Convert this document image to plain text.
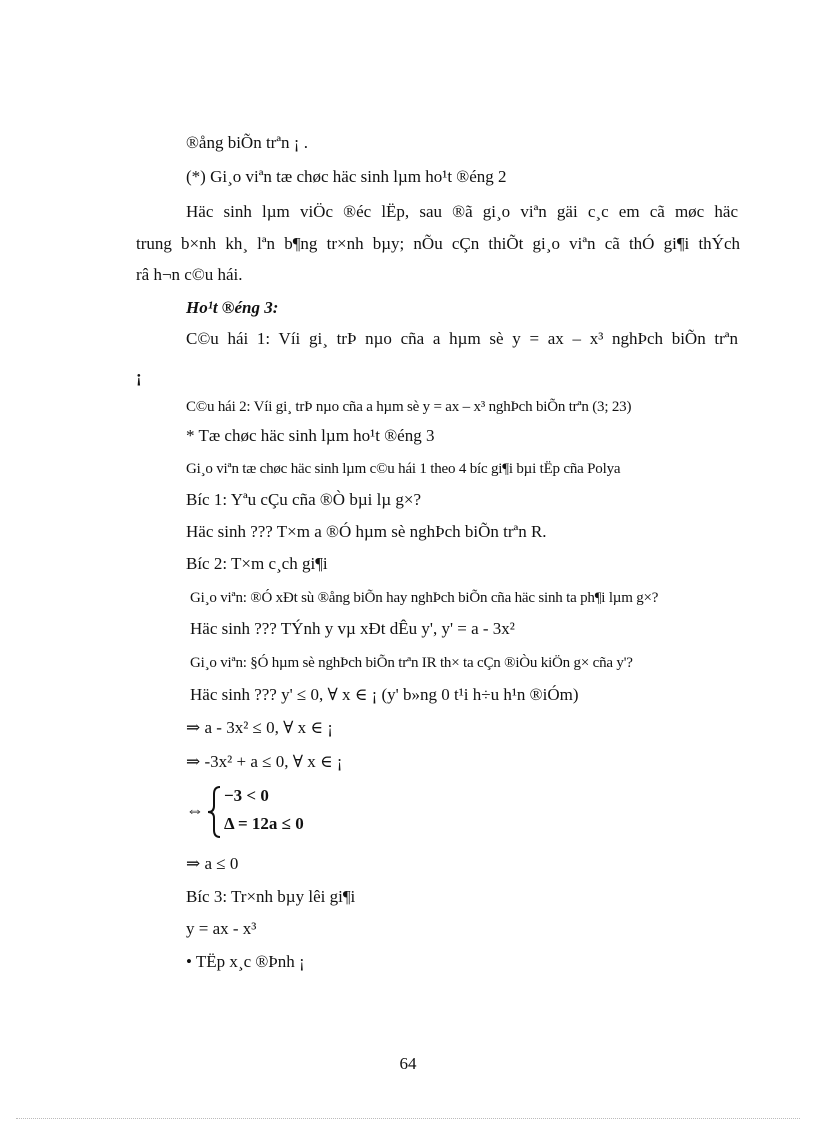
®ång biÕn trªn ¡ .
(*) Gi¸o viªn tæ chøc häc sinh lµm ho¹t ®éng 2
Häc sinh lµm viÖc ®éc lËp, sau ®ã gi¸o viªn gäi c¸c em cã møc häc
trung b×nh kh¸ lªn b¶ng tr×nh bµy; nÕu cÇn thiÕt gi¸o viªn cã thÓ gi¶i thÝch
râ h¬n c©u hái.
Ho¹t ®éng 3:
C©u hái 1: Víi gi¸ trÞ nµo cña a hµm sè y = ax – x³ nghÞch biÕn trªn
¡
C©u hái 2: Víi gi¸ trÞ nµo cña a hµm sè y = ax – x³ nghÞch biÕn trªn (3; 23)
* Tæ chøc häc sinh lµm ho¹t ®éng 3
Gi¸o viªn tæ chøc häc sinh lµm c©u hái 1 theo 4 bíc gi¶i bµi tËp cña Polya
Bíc 1: Yªu cÇu cña ®Ò bµi lµ g×?
Häc sinh ??? T×m a ®Ó hµm sè nghÞch biÕn trªn R.
Bíc 2: T×m c¸ch gi¶i
Gi¸o viªn: ®Ó xÐt sù ®ång biÕn hay nghÞch biÕn cña häc sinh ta ph¶i lµm g×?
Häc sinh ??? TÝnh y vµ xÐt dÊu y', y' = a - 3x²
Gi¸o viªn: §Ó hµm sè nghÞch biÕn trªn IR th× ta cÇn ®iÒu kiÖn g× cña y'?
Häc sinh ??? y' ≤ 0, ∀ x ∈ ¡ (y' b»ng 0 t¹i h÷u h¹n ®iÓm)
⇒ a - 3x² ≤ 0, ∀ x ∈ ¡
⇒ -3x² + a ≤ 0, ∀ x ∈ ¡
⇔
−3 < 0
Δ = 12a ≤ 0
⇒ a ≤ 0
Bíc 3: Tr×nh bµy lêi gi¶i
y = ax - x³
• TËp x¸c ®Þnh ¡
64
